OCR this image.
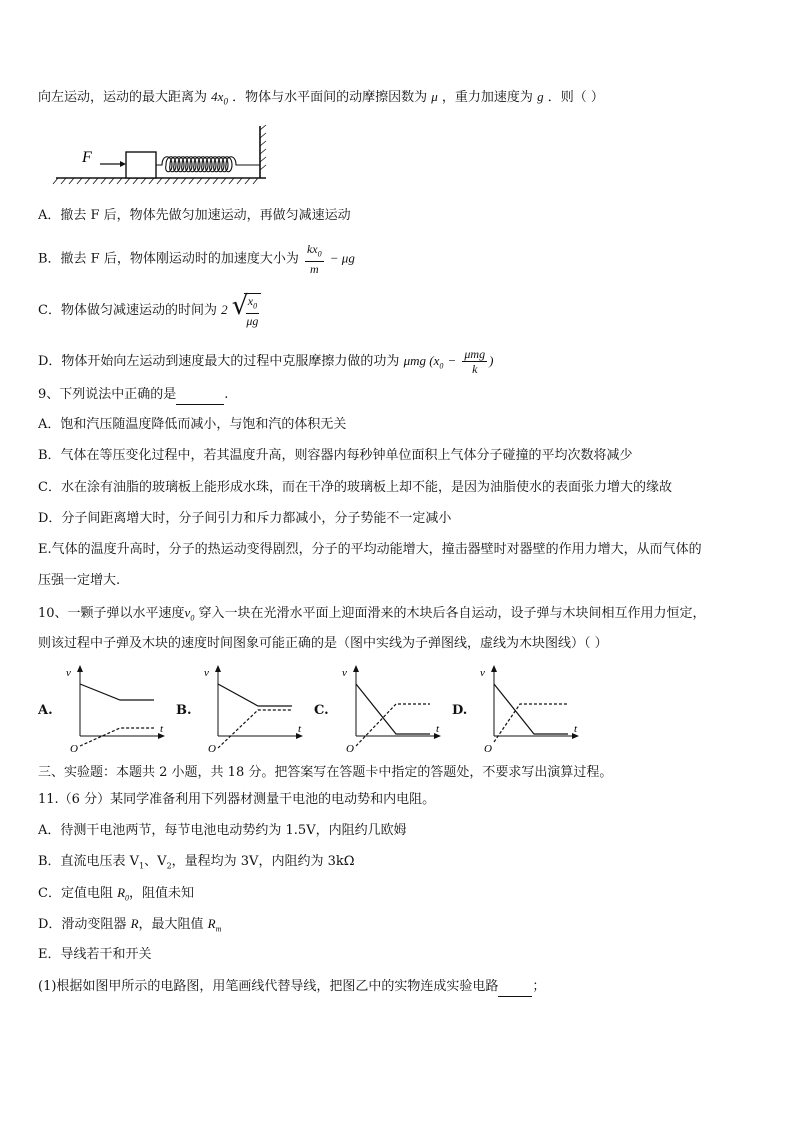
向左运动，运动的最大距离为 $4x_0$ ．物体与水平面间的动摩擦因数为 μ ，重力加速度为 g ．则（ ）
F
A．撤去 F 后，物体先做匀加速运动，再做匀减速运动
B．撤去 F 后，物体刚运动时的加速度大小为 $\frac{kx_0}{m} - \mu g$
C．物体做匀减速运动的时间为 2 √
$\frac{x_0}{\mu g}$
D．物体开始向左运动到速度最大的过程中克服摩擦力做的功为 μmg ($x_0 - \frac{\text{μmg}}{k}$ )
9、下列说法中正确的是	.
A．饱和汽压随温度降低而减小，与饱和汽的体积无关
B．气体在等压变化过程中，若其温度升高，则容器内每秒钟单位面积上气体分子碰撞的平均次数将减少
C．水在涂有油脂的玻璃板上能形成水珠，而在干净的玻璃板上却不能，是因为油脂使水的表面张力增大的缘故
D．分子间距离增大时，分子间引力和斥力都减小，分子势能不一定减小
E.气体的温度升高时，分子的热运动变得剧烈，分子的平均动能增大，撞击器壁时对器壁的作用力增大，从而气体的
压强一定增大.
10、一颗子弹以水平速度$v_0$ 穿入一块在光滑水平面上迎面滑来的木块后各自运动，设子弹与木块间相互作用力恒定，
则该过程中子弹及木块的速度时间图象可能正确的是（图中实线为子弹图线，虚线为木块图线）（ ）
A.	B.	C.	D.
v
t
O
v
t
O
v
t
O
v
t
O
三、实验题：本题共 2 小题，共 18 分。把答案写在答题卡中指定的答题处，不要求写出演算过程。
11.（6 分）某同学准备利用下列器材测量干电池的电动势和内电阻。
A．待测干电池两节，每节电池电动势约为 1.5V，内阻约几欧姆
B．直流电压表 $V_1$、$V_2$，量程均为 3V，内阻约为 3kΩ
C．定值电阻 $R_0$，阻值未知
D．滑动变阻器 R，最大阻值 $R_m$
E．导线若干和开关
(1)根据如图甲所示的电路图，用笔画线代替导线，把图乙中的实物连成实验电路	；
